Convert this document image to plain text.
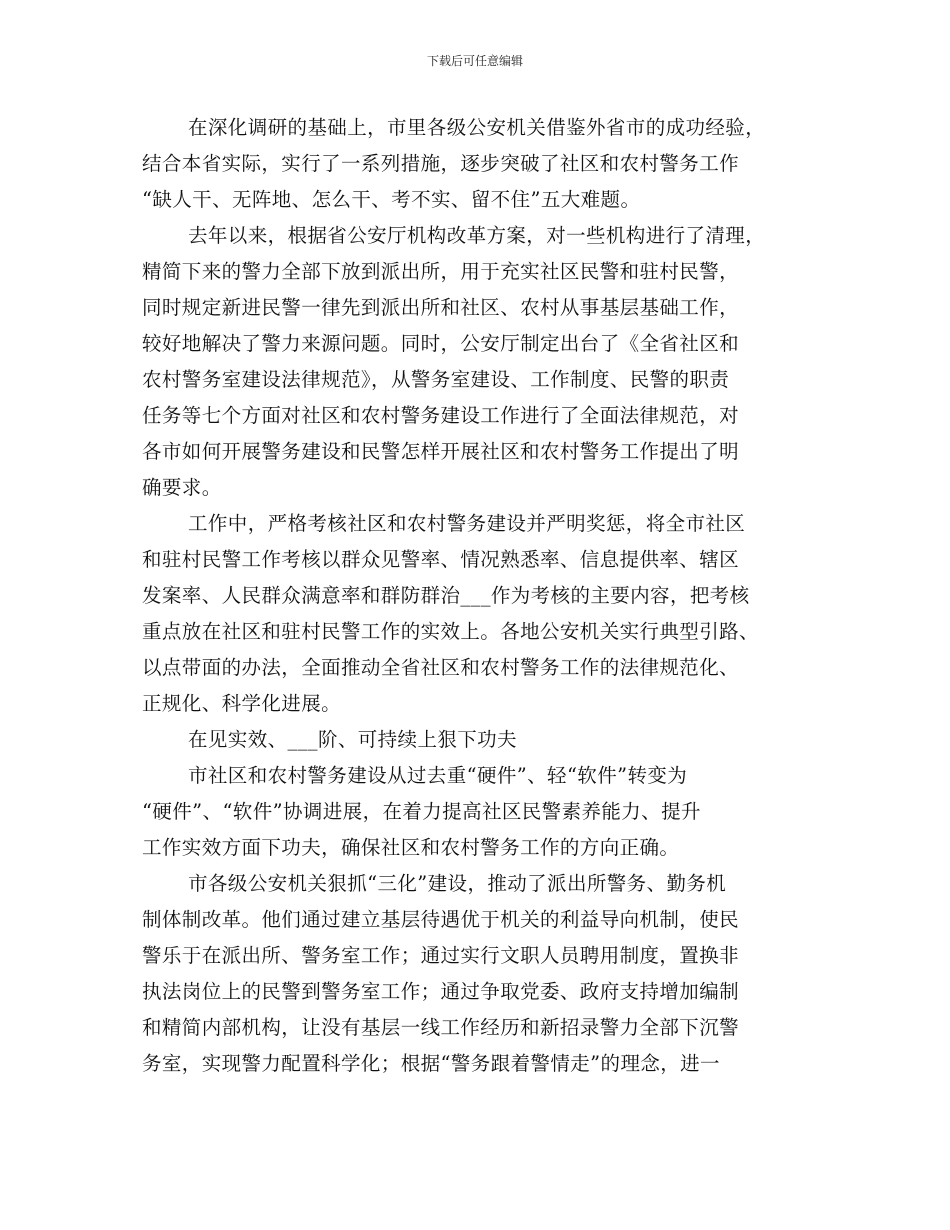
下载后可任意编辑
在深化调研的基础上，市里各级公安机关借鉴外省市的成功经验，
结合本省实际，实行了一系列措施，逐步突破了社区和农村警务工作
“缺人干、无阵地、怎么干、考不实、留不住”五大难题。
去年以来，根据省公安厅机构改革方案，对一些机构进行了清理，
精简下来的警力全部下放到派出所，用于充实社区民警和驻村民警，
同时规定新进民警一律先到派出所和社区、农村从事基层基础工作，
较好地解决了警力来源问题。同时，公安厅制定出台了《全省社区和
农村警务室建设法律规范》，从警务室建设、工作制度、民警的职责
任务等七个方面对社区和农村警务建设工作进行了全面法律规范，对
各市如何开展警务建设和民警怎样开展社区和农村警务工作提出了明
确要求。
工作中，严格考核社区和农村警务建设并严明奖惩，将全市社区
和驻村民警工作考核以群众见警率、情况熟悉率、信息提供率、辖区
发案率、人民群众满意率和群防群治___作为考核的主要内容，把考核
重点放在社区和驻村民警工作的实效上。各地公安机关实行典型引路、
以点带面的办法，全面推动全省社区和农村警务工作的法律规范化、
正规化、科学化进展。
在见实效、___阶、可持续上狠下功夫
市社区和农村警务建设从过去重“硬件”、轻“软件”转变为
“硬件”、“软件”协调进展，在着力提高社区民警素养能力、提升
工作实效方面下功夫，确保社区和农村警务工作的方向正确。
市各级公安机关狠抓“三化”建设，推动了派出所警务、勤务机
制体制改革。他们通过建立基层待遇优于机关的利益导向机制，使民
警乐于在派出所、警务室工作；通过实行文职人员聘用制度，置换非
执法岗位上的民警到警务室工作；通过争取党委、政府支持增加编制
和精简内部机构，让没有基层一线工作经历和新招录警力全部下沉警
务室，实现警力配置科学化；根据“警务跟着警情走”的理念，进一
